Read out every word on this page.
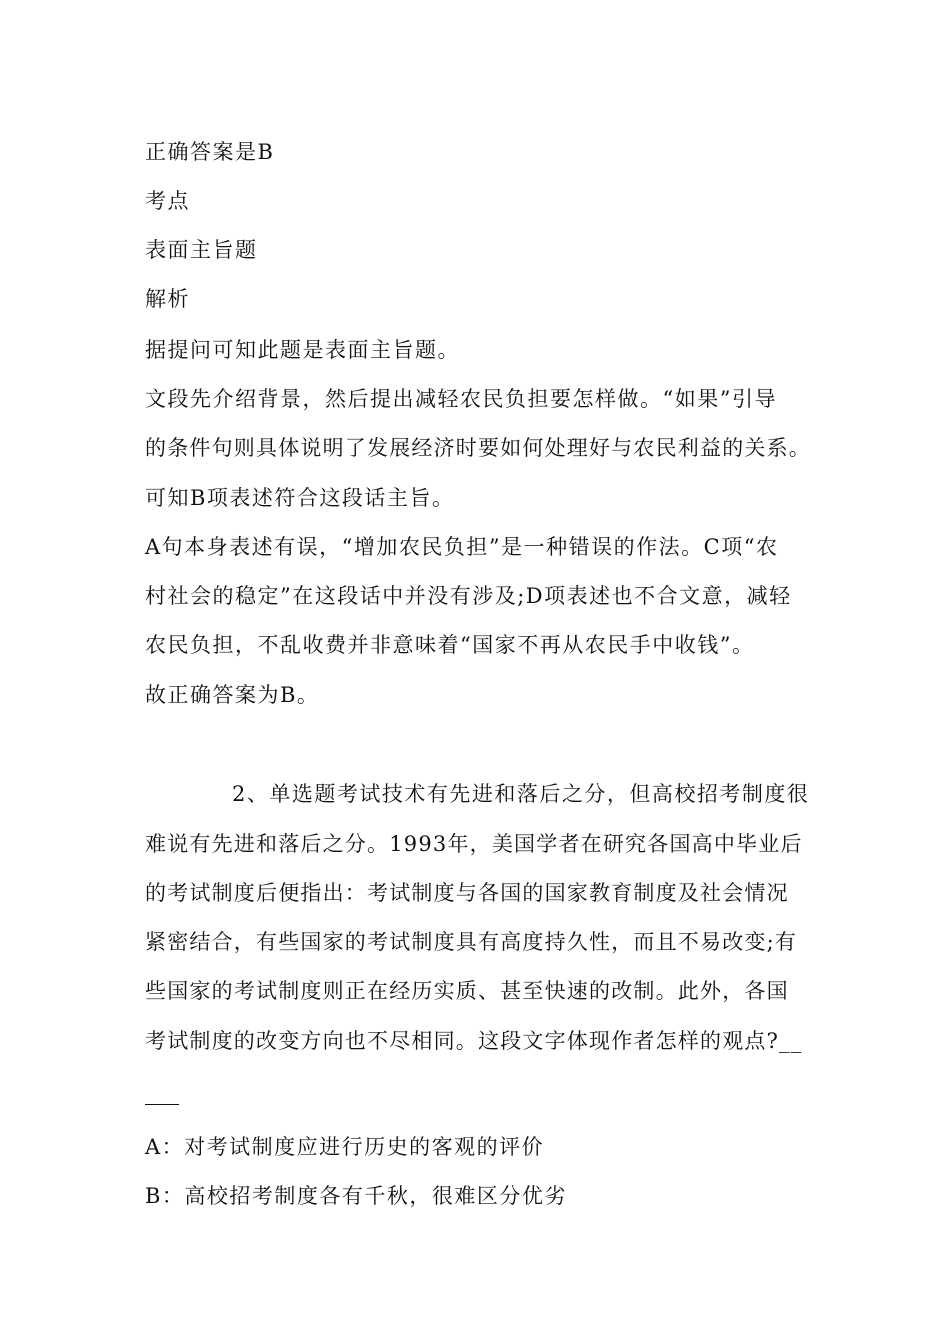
正确答案是B
考点
表面主旨题
解析
据提问可知此题是表面主旨题。
文段先介绍背景，然后提出减轻农民负担要怎样做。“如果”引导
的条件句则具体说明了发展经济时要如何处理好与农民利益的关系。
可知B项表述符合这段话主旨。
A句本身表述有误，“增加农民负担”是一种错误的作法。C项“农
村社会的稳定”在这段话中并没有涉及;D项表述也不合文意，减轻
农民负担，不乱收费并非意味着“国家不再从农民手中收钱”。
故正确答案为B。
2、单选题考试技术有先进和落后之分，但高校招考制度很
难说有先进和落后之分。1993年，美国学者在研究各国高中毕业后
的考试制度后便指出：考试制度与各国的国家教育制度及社会情况
紧密结合，有些国家的考试制度具有高度持久性，而且不易改变;有
些国家的考试制度则正在经历实质、甚至快速的改制。此外，各国
考试制度的改变方向也不尽相同。这段文字体现作者怎样的观点?__
A：对考试制度应进行历史的客观的评价
B：高校招考制度各有千秋，很难区分优劣
